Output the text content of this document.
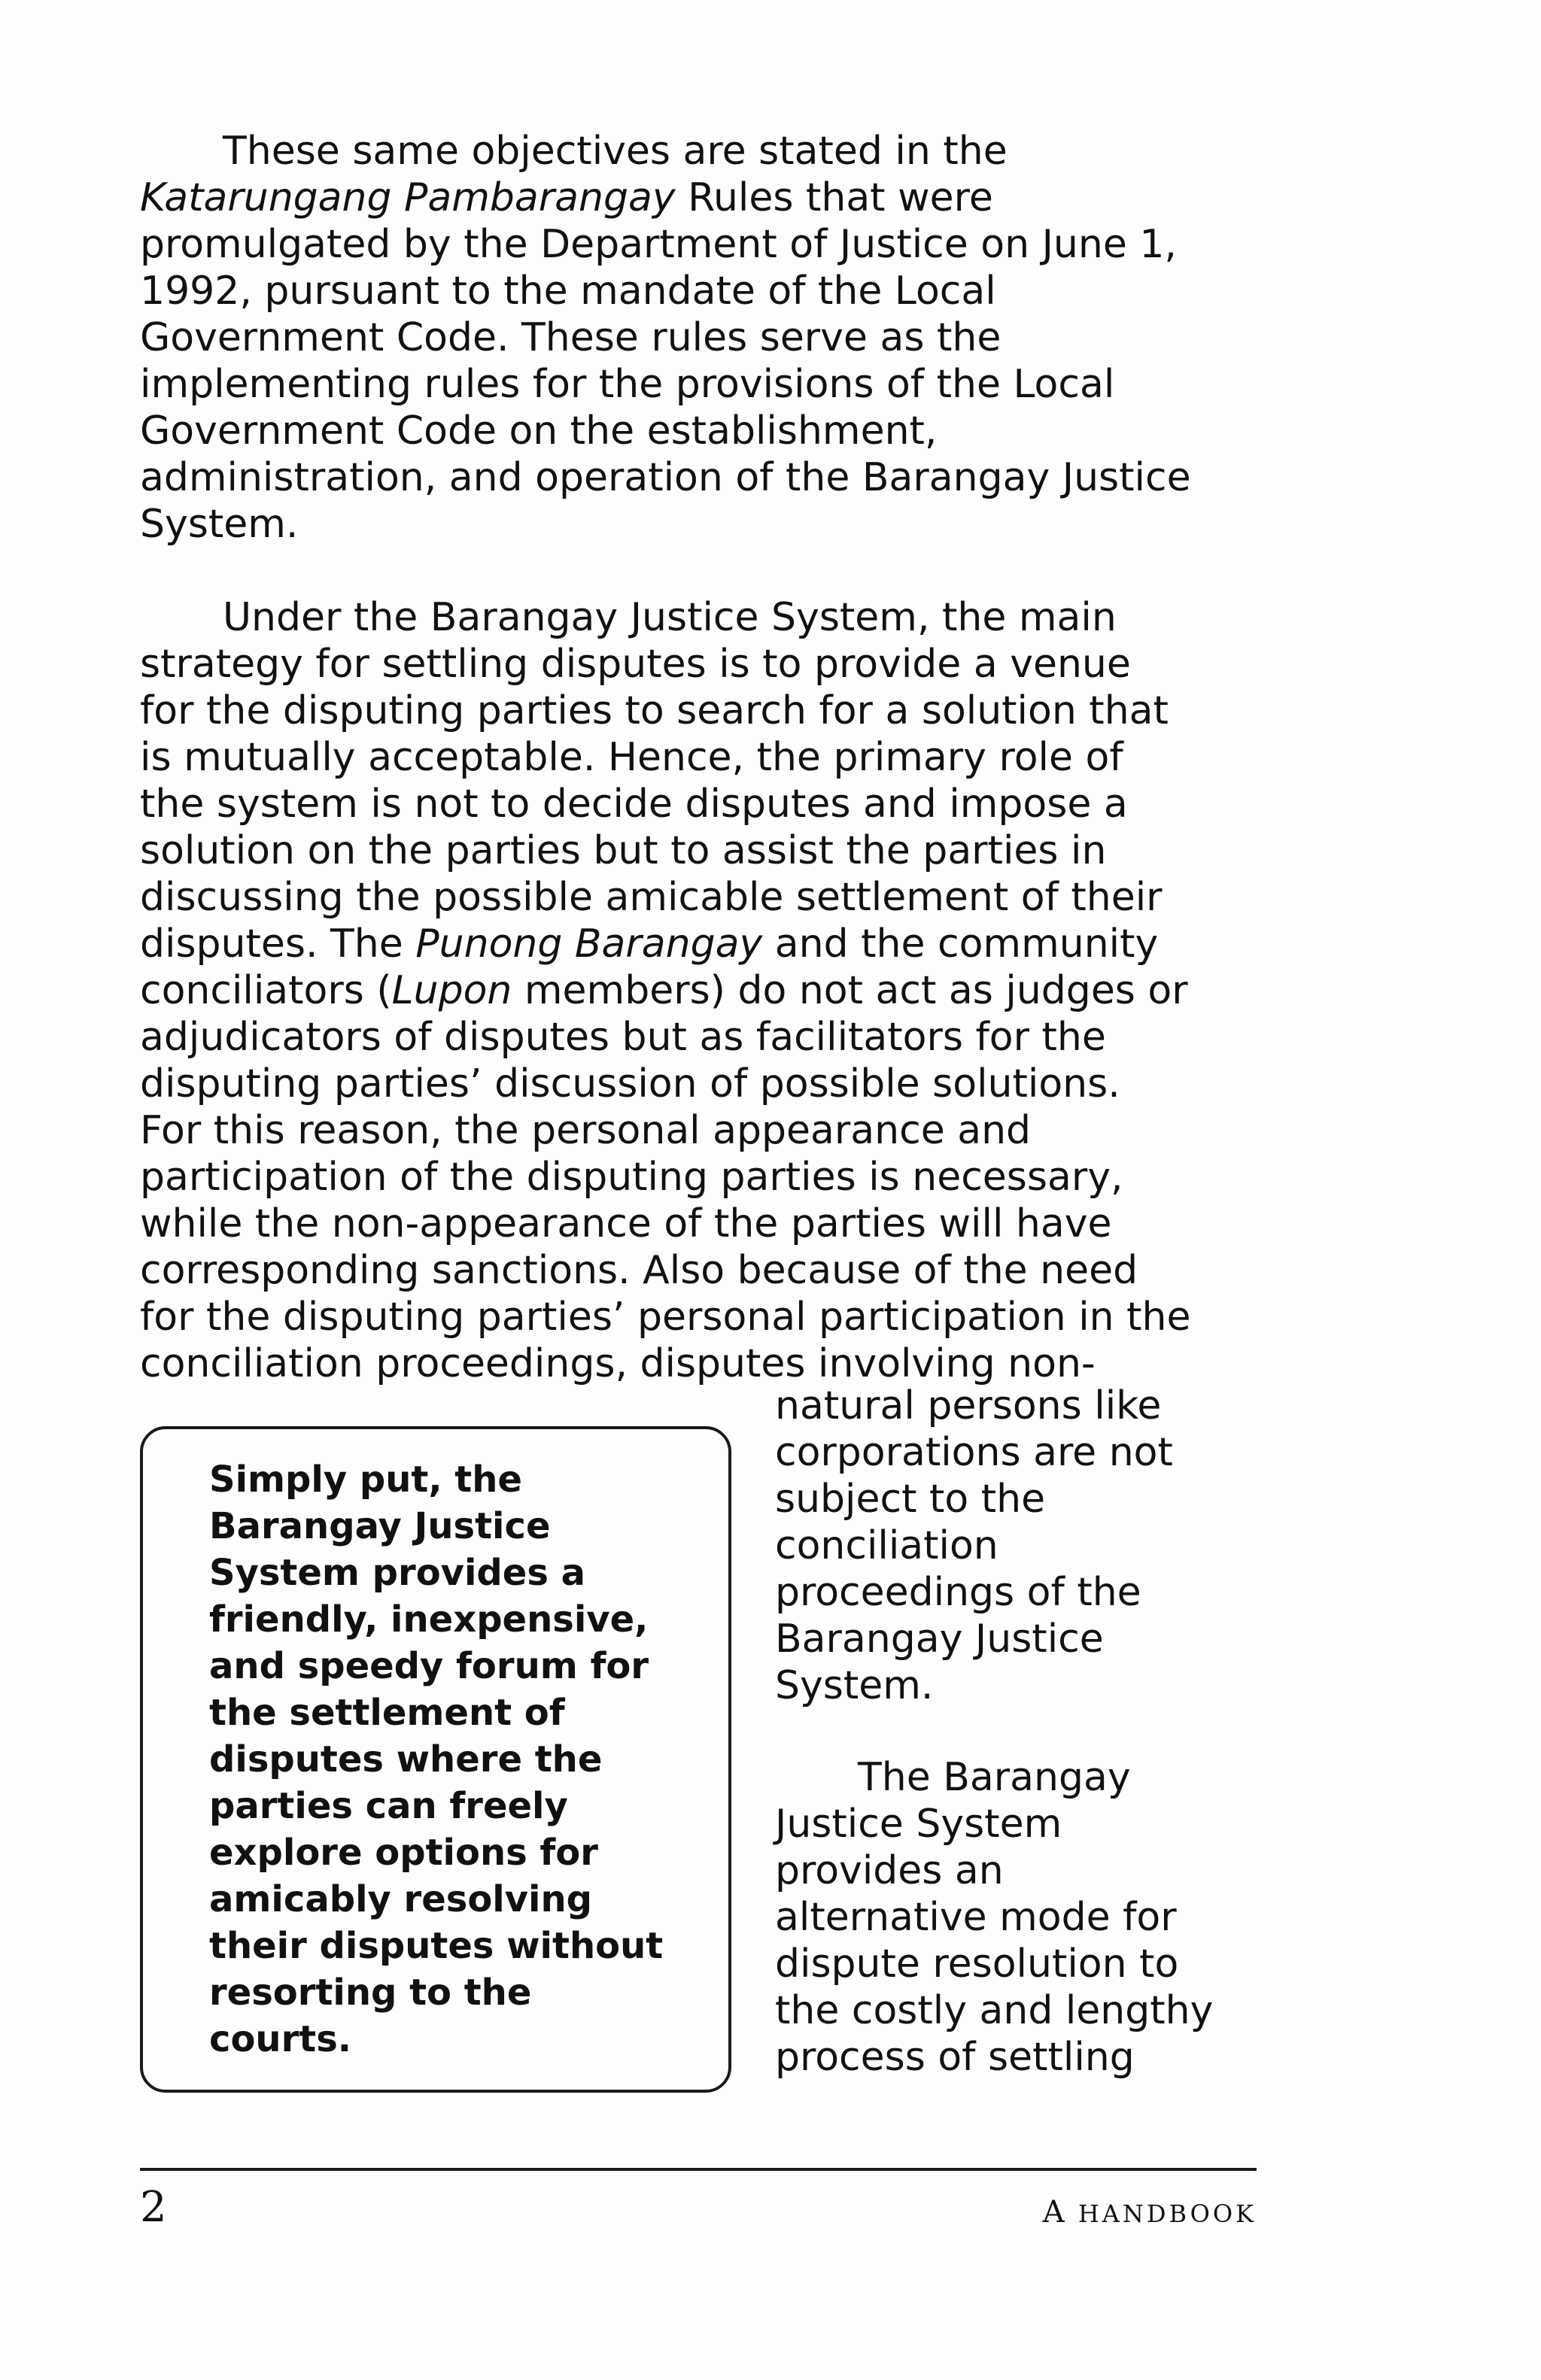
These same objectives are stated in the
Katarungang Pambarangay Rules that were
promulgated by the Department of Justice on June 1,
1992, pursuant to the mandate of the Local
Government Code. These rules serve as the
implementing rules for the provisions of the Local
Government Code on the establishment,
administration, and operation of the Barangay Justice
System.
Under the Barangay Justice System, the main
strategy for settling disputes is to provide a venue
for the disputing parties to search for a solution that
is mutually acceptable. Hence, the primary role of
the system is not to decide disputes and impose a
solution on the parties but to assist the parties in
discussing the possible amicable settlement of their
disputes. The Punong Barangay and the community
conciliators (Lupon members) do not act as judges or
adjudicators of disputes but as facilitators for the
disputing parties’ discussion of possible solutions.
For this reason, the personal appearance and
participation of the disputing parties is necessary,
while the non-appearance of the parties will have
corresponding sanctions. Also because of the need
for the disputing parties’ personal participation in the
conciliation proceedings, disputes involving non-
natural persons like
corporations are not
subject to the
conciliation
proceedings of the
Barangay Justice
System.
The Barangay
Justice System
provides an
alternative mode for
dispute resolution to
the costly and lengthy
process of settling
Simply put, the
Barangay Justice
System provides a
friendly, inexpensive,
and speedy forum for
the settlement of
disputes where the
parties can freely
explore options for
amicably resolving
their disputes without
resorting to the
courts.
2	A HANDBOOK
